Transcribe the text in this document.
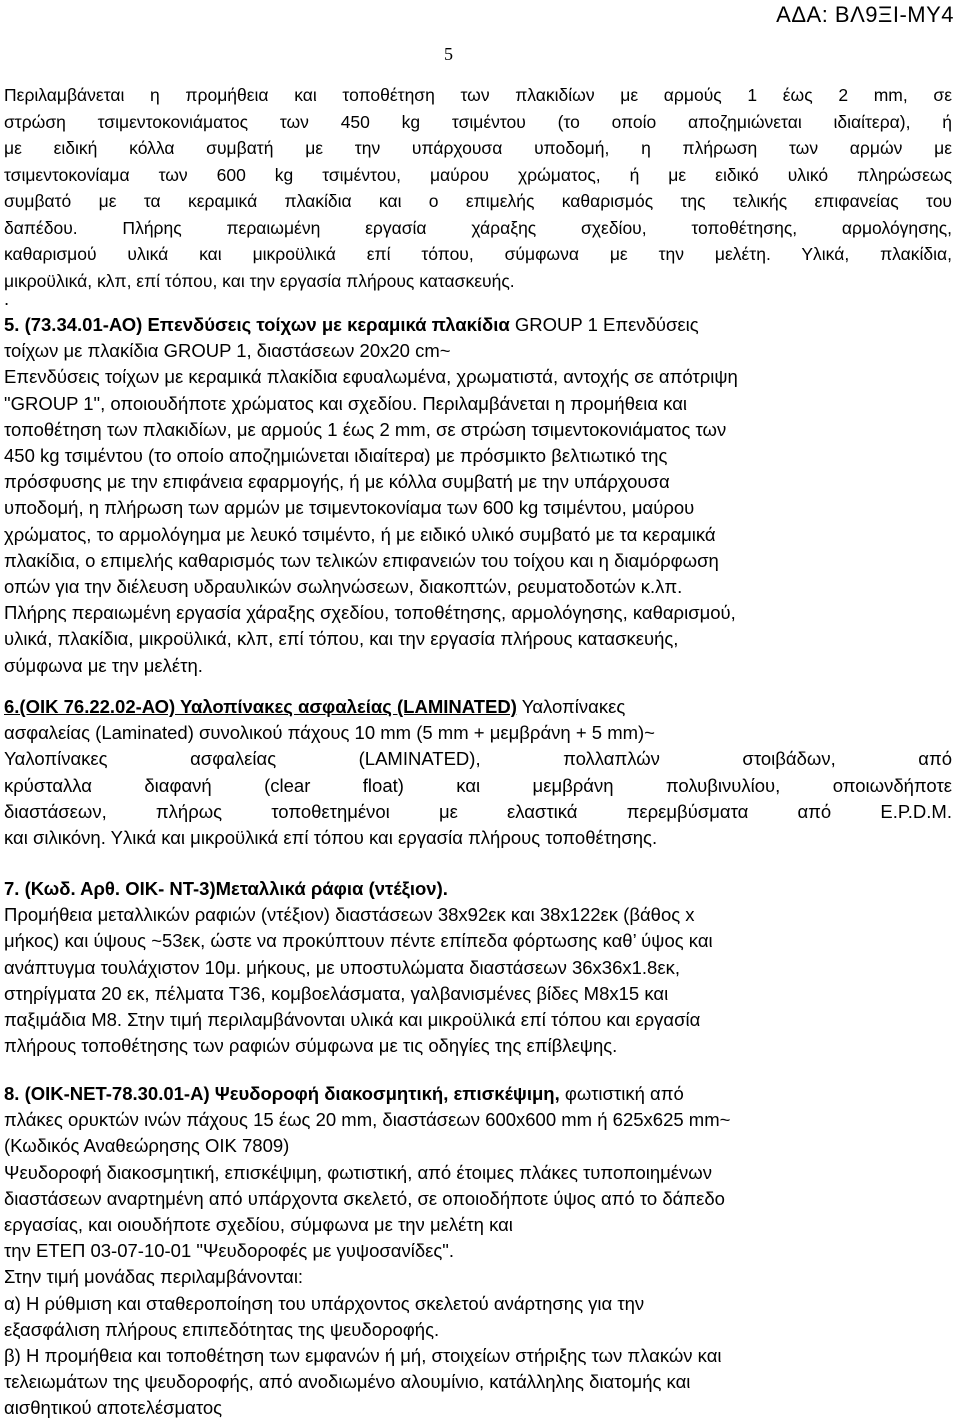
ΑΔΑ: ΒΛ9ΞΙ-ΜΥ4
5
Περιλαμβάνεται η προμήθεια και τοποθέτηση των πλακιδίων με αρμούς 1 έως 2 mm, σε
στρώση τσιμεντοκονιάματος των 450 kg τσιμέντου (το οποίο αποζημιώνεται ιδιαίτερα), ή
με ειδική κόλλα συμβατή με την υπάρχουσα υποδομή, η πλήρωση των αρμών με
τσιμεντοκονίαμα των 600 kg τσιμέντου, μαύρου χρώματος, ή με ειδικό υλικό πληρώσεως
συμβατό με τα κεραμικά πλακίδια και ο επιμελής καθαρισμός της τελικής επιφανείας του
δαπέδου. Πλήρης περαιωμένη εργασία χάραξης σχεδίου, τοποθέτησης, αρμολόγησης,
καθαρισμού υλικά και μικροϋλικά επί τόπου, σύμφωνα με την μελέτη. Υλικά, πλακίδια,
μικροϋλικά, κλπ, επί τόπου, και την εργασία πλήρους κατασκευής.
.
5. (73.34.01-ΑΟ) Επενδύσεις τοίχων με κεραμικά πλακίδια GROUP 1 Επενδύσεις
τοίχων με πλακίδια GROUP 1, διαστάσεων 20x20 cm~
Επενδύσεις τοίχων με κεραμικά πλακίδια εφυαλωμένα, χρωματιστά, αντοχής σε απότριψη
"GROUP 1", οποιουδήποτε χρώματος και σχεδίου. Περιλαμβάνεται η προμήθεια και
τοποθέτηση των πλακιδίων, με αρμούς 1 έως 2 mm, σε στρώση τσιμεντοκονιάματος των
450 kg τσιμέντου (το οποίο αποζημιώνεται ιδιαίτερα) με πρόσμικτο βελτιωτικό της
πρόσφυσης με την επιφάνεια εφαρμογής, ή με κόλλα συμβατή με την υπάρχουσα
υποδομή, η πλήρωση των αρμών με τσιμεντοκονίαμα των 600 kg τσιμέντου, μαύρου
χρώματος, το αρμολόγημα με λευκό τσιμέντο, ή με ειδικό υλικό συμβατό με τα κεραμικά
πλακίδια, ο επιμελής καθαρισμός των τελικών επιφανειών του τοίχου και η διαμόρφωση
οπών για την διέλευση υδραυλικών σωληνώσεων, διακοπτών, ρευματοδοτών κ.λπ.
Πλήρης περαιωμένη εργασία χάραξης σχεδίου, τοποθέτησης, αρμολόγησης, καθαρισμού,
υλικά, πλακίδια, μικροϋλικά, κλπ, επί τόπου, και την εργασία πλήρους κατασκευής,
σύμφωνα με την μελέτη.
6.(ΟΙΚ 76.22.02-ΑΟ) Υαλοπίνακες ασφαλείας (LAMINATED) Υαλοπίνακες
ασφαλείας (Laminated) συνολικού πάχους 10 mm (5 mm + μεμβράνη + 5 mm)~
Υαλοπίνακες ασφαλείας (LAMINATED), πολλαπλών στοιβάδων, από
κρύσταλλα διαφανή (clear float) και μεμβράνη πολυβινυλίου, οποιωνδήποτε
διαστάσεων, πλήρως τοποθετημένοι με ελαστικά περεμβύσματα από E.P.D.M.
και σιλικόνη. Υλικά και μικροϋλικά επί τόπου και εργασία πλήρους τοποθέτησης.
7. (Κωδ. Αρθ. ΟΙΚ- ΝΤ-3)Μεταλλικά ράφια (ντέξιον).
Προμήθεια μεταλλικών ραφιών (ντέξιον) διαστάσεων 38x92εκ και 38x122εκ (βάθος x
μήκος) και ύψους ~53εκ, ώστε να προκύπτουν πέντε επίπεδα φόρτωσης καθ’ ύψος και
ανάπτυγμα τουλάχιστον 10μ. μήκους, με υποστυλώματα διαστάσεων 36x36x1.8εκ,
στηρίγματα 20 εκ, πέλματα Τ36, κομβοελάσματα, γαλβανισμένες βίδες Μ8x15 και
παξιμάδια Μ8. Στην τιμή περιλαμβάνονται υλικά και μικροϋλικά επί τόπου και εργασία
πλήρους τοποθέτησης των ραφιών σύμφωνα με τις οδηγίες της επίβλεψης.
8. (ΟΙΚ-ΝΕΤ-78.30.01-Α) Ψευδοροφή διακοσμητική, επισκέψιμη, φωτιστική από
πλάκες ορυκτών ινών πάχους 15 έως 20 mm, διαστάσεων 600x600 mm ή 625x625 mm~
(Κωδικός Αναθεώρησης ΟΙΚ 7809)
Ψευδοροφή διακοσμητική, επισκέψιμη, φωτιστική, από έτοιμες πλάκες τυποποιημένων
διαστάσεων αναρτημένη από υπάρχοντα σκελετό, σε οποιοδήποτε ύψος από το δάπεδο
εργασίας, και οιουδήποτε σχεδίου, σύμφωνα με την μελέτη και
την ΕΤΕΠ 03-07-10-01 "Ψευδοροφές με γυψοσανίδες".
Στην τιμή μονάδας περιλαμβάνονται:
α) Η ρύθμιση και σταθεροποίηση του υπάρχοντος σκελετού ανάρτησης για την
εξασφάλιση πλήρους επιπεδότητας της ψευδοροφής.
β) Η προμήθεια και τοποθέτηση των εμφανών ή μή, στοιχείων στήριξης των πλακών και
τελειωμάτων της ψευδοροφής, από ανοδιωμένο αλουμίνιο, κατάλληλης διατομής και
αισθητικού αποτελέσματος
